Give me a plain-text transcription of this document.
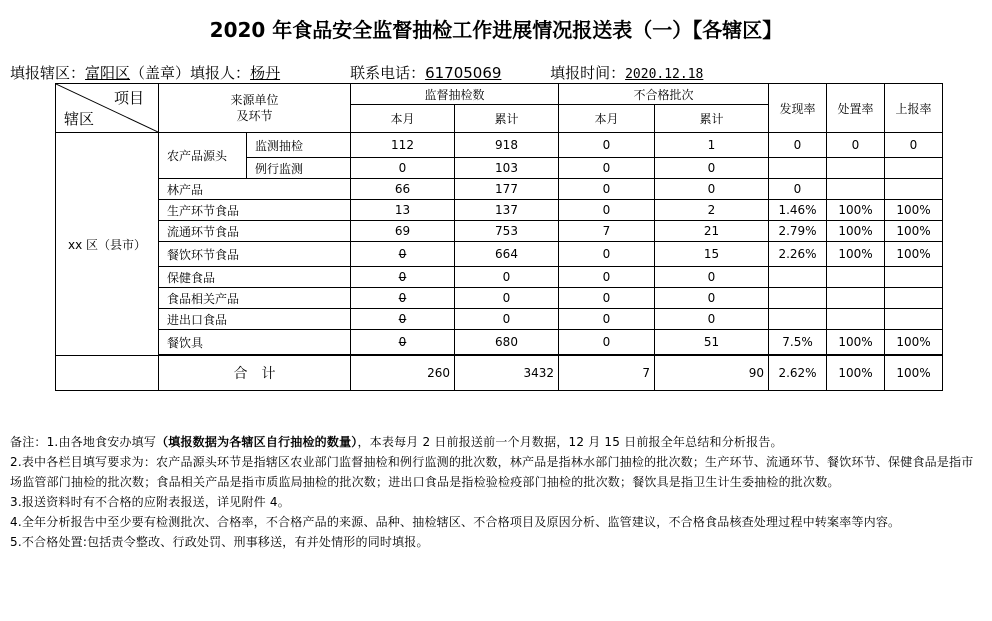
2020 年食品安全监督抽检工作进展情况报送表（一）【各辖区】
填报辖区：富阳区（盖章）填报人：杨丹	联系电话：61705069	填报时间：2020.12.18
项目
辖区	来源单位
及环节		监督抽检数		不合格批次		发现率	处置率	上报率
			本月	累计	本月	累计			
xx 区（县市）	农产品源头	监测抽检	112	918	0	1	0	0	0
		例行监测	0	103	0	0			
	林产品		66	177	0	0	0		
	生产环节食品		13	137	0	2	1.46%	100%	100%
	流通环节食品		69	753	7	21	2.79%	100%	100%
	餐饮环节食品		0	664	0	15	2.26%	100%	100%
	保健食品		0	0	0	0			
	食品相关产品		0	0	0	0			
	进出口食品		0	0	0	0			
	餐饮具		0	680	0	51	7.5%	100%	100%

	合　计		260	3432	7	90	2.62%	100%	100%

备注：1.由各地食安办填写（填报数据为各辖区自行抽检的数量），本表每月 2 日前报送前一个月数据，12 月 15 日前报全年总结和分析报告。

2.表中各栏目填写要求为：农产品源头环节是指辖区农业部门监督抽检和例行监测的批次数，林产品是指林水部门抽检的批次数；生产环节、流通环节、餐饮环节、保健食品是指市场监管部门抽检的批次数；食品相关产品是指市质监局抽检的批次数；进出口食品是指检验检疫部门抽检的批次数；餐饮具是指卫生计生委抽检的批次数。

3.报送资料时有不合格的应附表报送，详见附件 4。

4.全年分析报告中至少要有检测批次、合格率，不合格产品的来源、品种、抽检辖区、不合格项目及原因分析、监管建议，不合格食品核查处理过程中转案率等内容。

5.不合格处置:包括责令整改、行政处罚、刑事移送，有并处情形的同时填报。
